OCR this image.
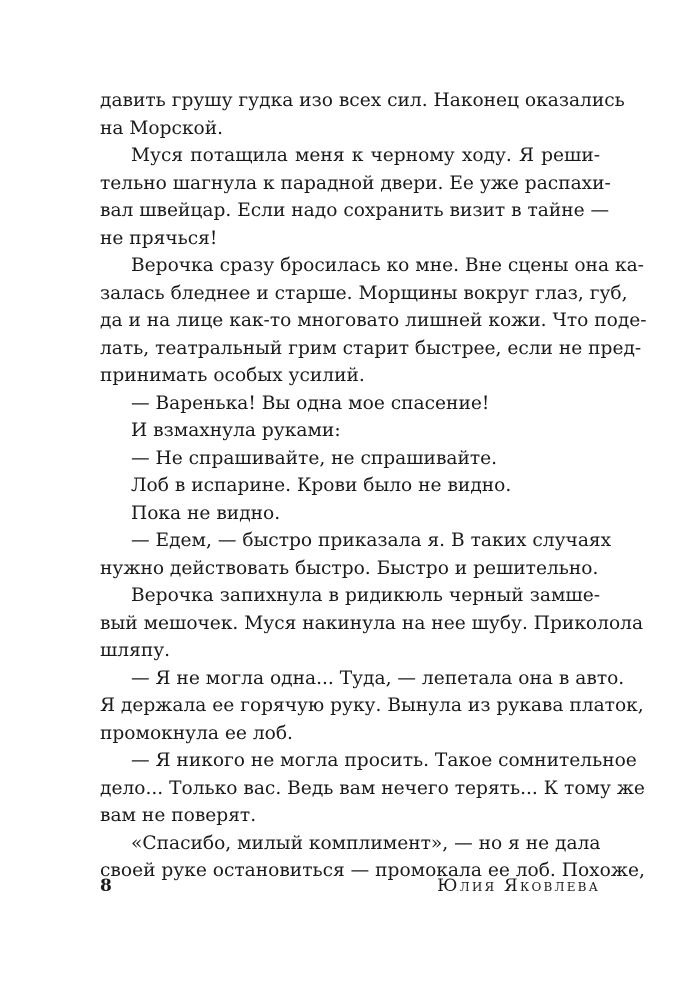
давить грушу гудка изо всех сил. Наконец оказались
на Морской.
Муся потащила меня к черному ходу. Я реши-
тельно шагнула к парадной двери. Ее уже распахи-
вал швейцар. Если надо сохранить визит в тайне —
не прячься!
Верочка сразу бросилась ко мне. Вне сцены она ка-
залась бледнее и старше. Морщины вокруг глаз, губ,
да и на лице как-то многовато лишней кожи. Что поде-
лать, театральный грим старит быстрее, если не пред-
принимать особых усилий.
— Варенька! Вы одна мое спасение!
И взмахнула руками:
— Не спрашивайте, не спрашивайте.
Лоб в испарине. Крови было не видно.
Пока не видно.
— Едем, — быстро приказала я. В таких случаях
нужно действовать быстро. Быстро и решительно.
Верочка запихнула в ридикюль черный замше-
вый мешочек. Муся накинула на нее шубу. Приколола
шляпу.
— Я не могла одна... Туда, — лепетала она в авто.
Я держала ее горячую руку. Вынула из рукава платок,
промокнула ее лоб.
— Я никого не могла просить. Такое сомнительное
дело... Только вас. Ведь вам нечего терять... К тому же
вам не поверят.
«Спасибо, милый комплимент», — но я не дала
своей руке остановиться — промокала ее лоб. Похоже,
8	Юлия Яковлева
